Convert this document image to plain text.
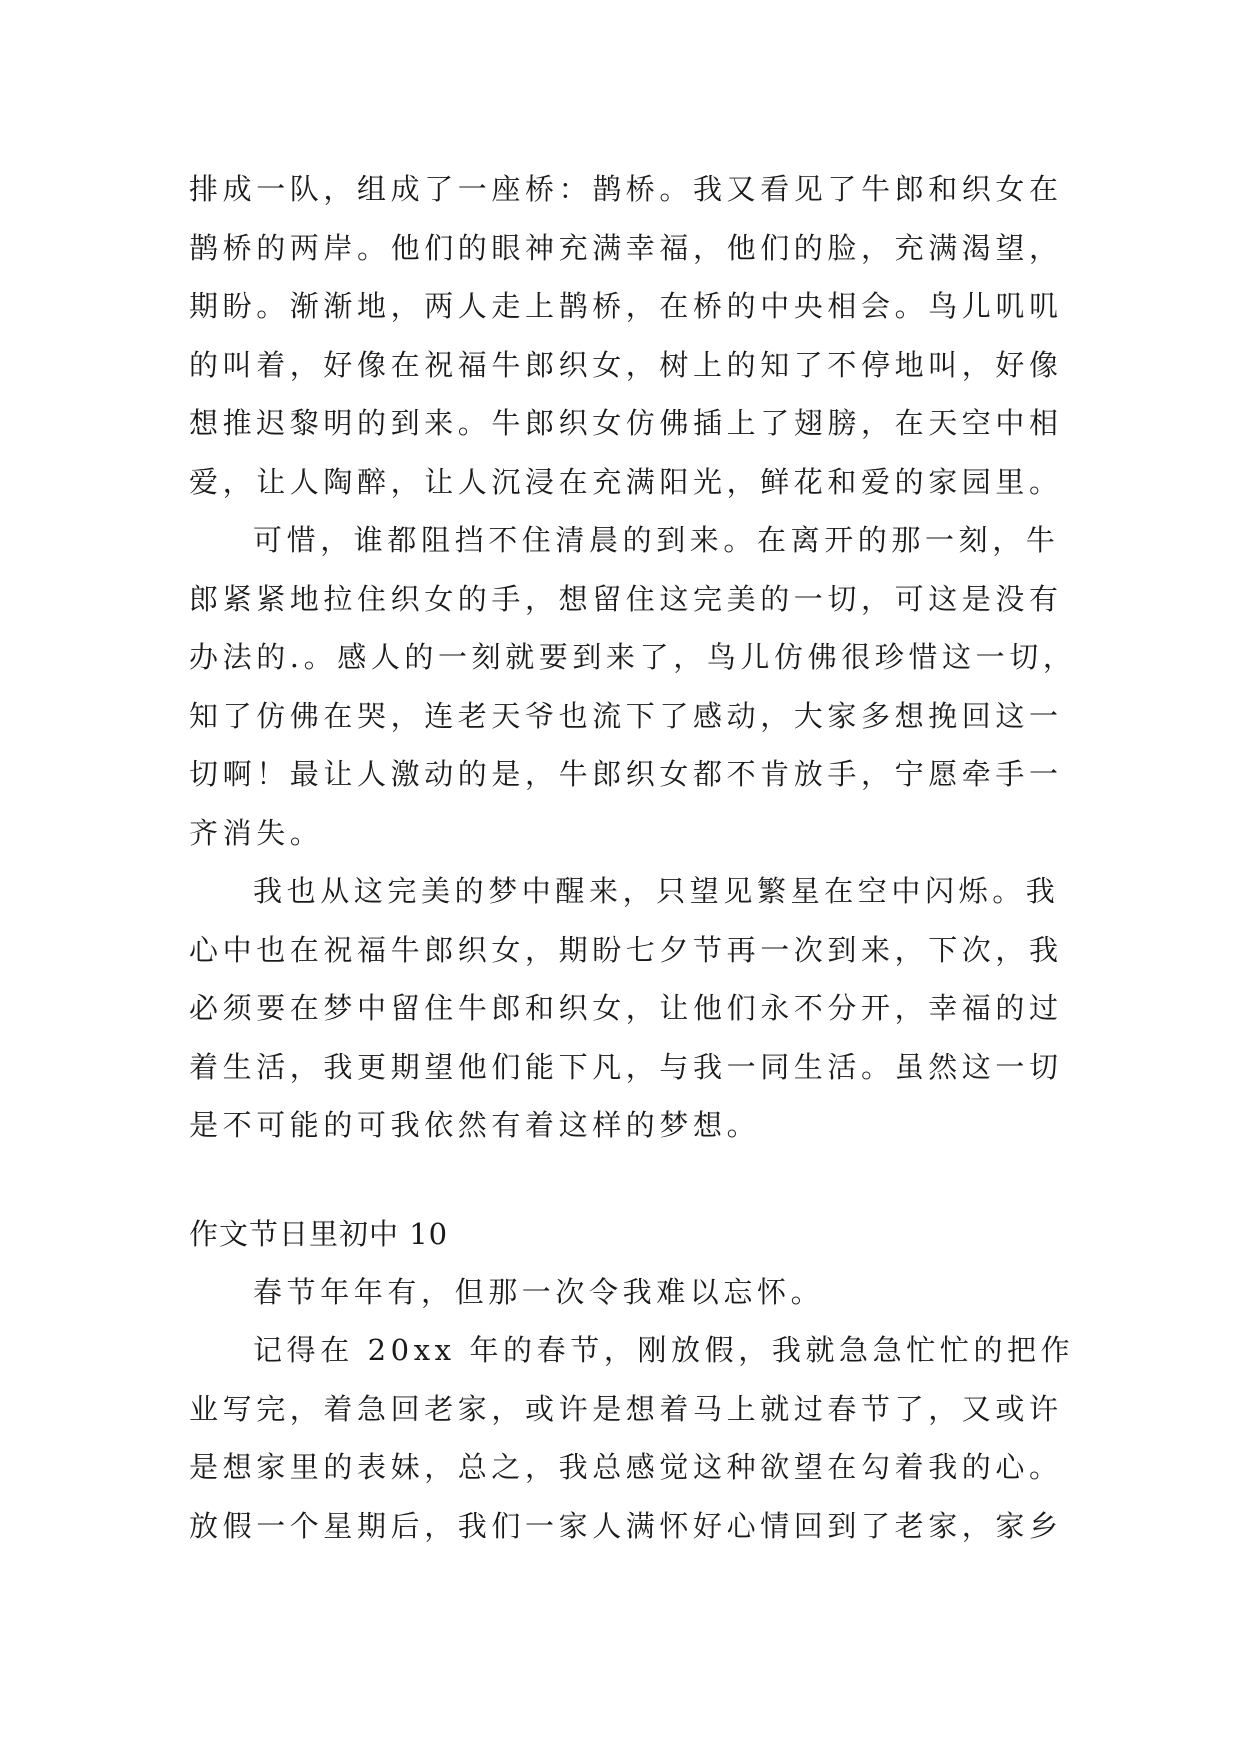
排成一队，组成了一座桥：鹊桥。我又看见了牛郎和织女在
鹊桥的两岸。他们的眼神充满幸福，他们的脸，充满渴望，
期盼。渐渐地，两人走上鹊桥，在桥的中央相会。鸟儿叽叽
的叫着，好像在祝福牛郎织女，树上的知了不停地叫，好像
想推迟黎明的到来。牛郎织女仿佛插上了翅膀，在天空中相
爱，让人陶醉，让人沉浸在充满阳光，鲜花和爱的家园里。
可惜，谁都阻挡不住清晨的到来。在离开的那一刻，牛
郎紧紧地拉住织女的手，想留住这完美的一切，可这是没有
办法的.。感人的一刻就要到来了，鸟儿仿佛很珍惜这一切，
知了仿佛在哭，连老天爷也流下了感动，大家多想挽回这一
切啊！最让人激动的是，牛郎织女都不肯放手，宁愿牵手一
齐消失。
我也从这完美的梦中醒来，只望见繁星在空中闪烁。我
心中也在祝福牛郎织女，期盼七夕节再一次到来，下次，我
必须要在梦中留住牛郎和织女，让他们永不分开，幸福的过
着生活，我更期望他们能下凡，与我一同生活。虽然这一切
是不可能的可我依然有着这样的梦想。
作文节日里初中 10
春节年年有，但那一次令我难以忘怀。
记得在 20xx 年的春节，刚放假，我就急急忙忙的把作
业写完，着急回老家，或许是想着马上就过春节了，又或许
是想家里的表妹，总之，我总感觉这种欲望在勾着我的心。
放假一个星期后，我们一家人满怀好心情回到了老家，家乡
